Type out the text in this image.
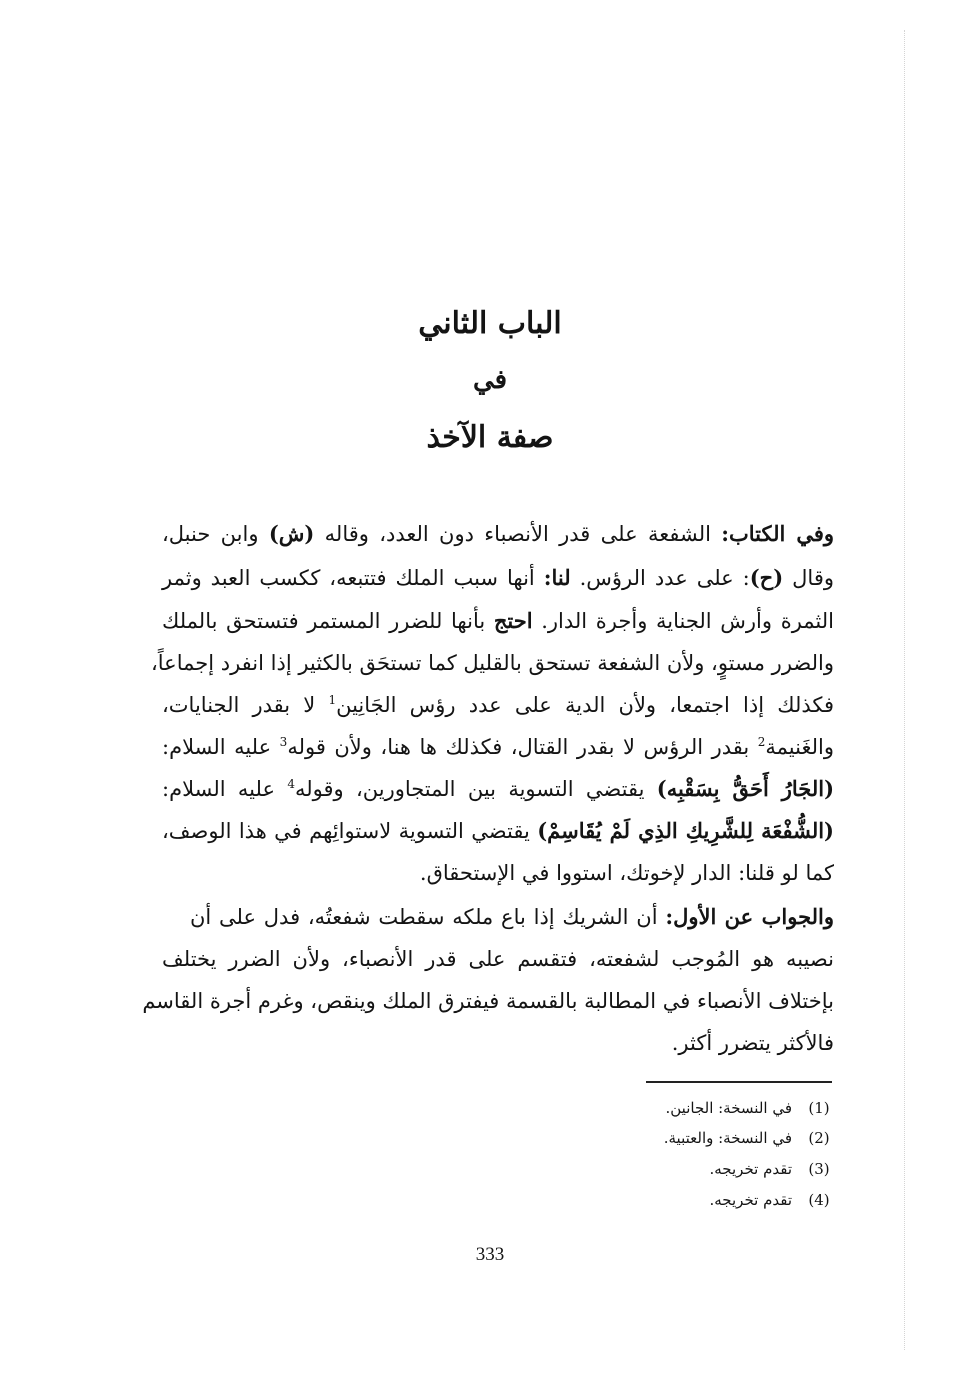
الباب الثاني
في
صفة الآخذ
وفي الكتاب: الشفعة على قدر الأنصباء دون العدد، وقاله (ش) وابن حنبل،
وقال (ح): على عدد الرؤس. لنا: أنها سبب الملك فتتبعه، ككسب العبد وثمر
الثمرة وأرش الجناية وأجرة الدار. احتج بأنها للضرر المستمر فتستحق بالملك
والضرر مستوٍ، ولأن الشفعة تستحق بالقليل كما تستحَق بالكثير إذا انفرد إجماعاً،
فكذلك إذا اجتمعا، ولأن الدية على عدد رؤس الجَانِين$^1$ لا بقدر الجنايات،
والغَنيمة$^2$ بقدر الرؤس لا بقدر القتال، فكذلك ها هنا، ولأن قوله$^3$ عليه السلام:
(الجَارُ أَحَقُّ بِسَقْبِه) يقتضي التسوية بين المتجاورين، وقوله$^4$ عليه السلام:
(الشُّفْعَة لِلشَّرِيكِ الذِي لَمْ يُقَاسِمْ) يقتضي التسوية لاستوائِهم في هذا الوصف،
كما لو قلنا: الدار لإخوتك، استووا في الإستحقاق.
والجواب عن الأول: أن الشريك إذا باع ملكه سقطت شفعتُه، فدل على أن
نصيبه هو المُوجب لشفعته، فتقسم على قدر الأنصباء، ولأن الضرر يختلف
بإختلاف الأنصباء في المطالبة بالقسمة فيفترق الملك وينقص، وغرم أجرة القاسم
فالأكثر يتضرر أكثر.
(1)في النسخة: الجانين.
(2)في النسخة: والعتبية.
(3)تقدم تخريجه.
(4)تقدم تخريجه.
333
